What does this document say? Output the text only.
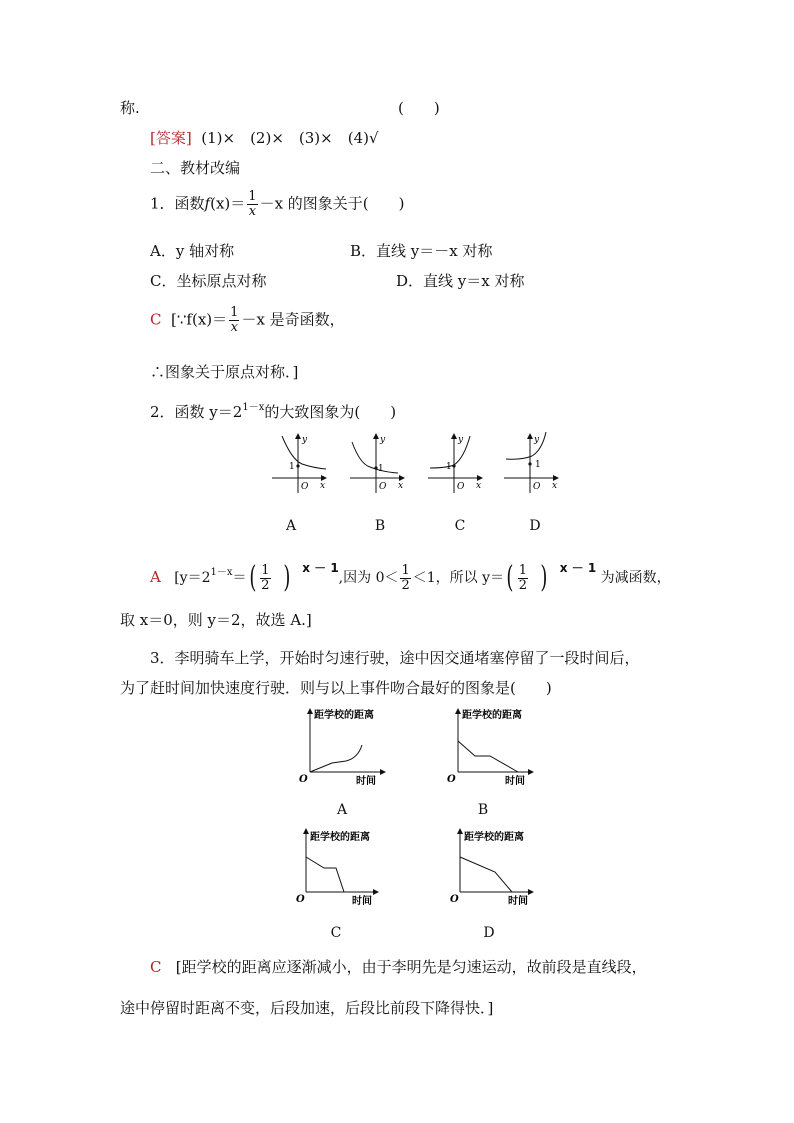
称.	(　　)
[答案] (1)×　(2)×　(3)×　(4)√
二、教材改编
1．函数$f(x)= \frac{1}{x} -x$ 的图象关于(　　)
A．y 轴对称	B．直线 y＝－x 对称
C．坐标原点对称	D．直线 y＝x 对称
C [∵f(x)＝ $\frac{1}{x} -x$ 是奇函数，
∴图象关于原点对称．]
2．函数 $y=2^{1-x}$的大致图象为(　　)
y
x
O
1
y
x
O
1
y
x
O
1
y
x
O
1
A	B	C	D
A [$y=2^{1-x}=( \frac{1}{2}$ ) x － 1,因为 $0< \frac{1}{2} <1$，所以 $y=( \frac{1}{2}$ ) x － 1 为减函数，
取 x＝0，则 y＝2，故选 A.]
3．李明骑车上学，开始时匀速行驶，途中因交通堵塞停留了一段时间后，
为了赶时间加快速度行驶．则与以上事件吻合最好的图象是(　　)
距学校的距离
时间
O
距学校的距离
时间
O
距学校的距离
时间
O
距学校的距离
时间
O
A	B
C	D
C [距学校的距离应逐渐减小，由于李明先是匀速运动，故前段是直线段，
途中停留时距离不变，后段加速，后段比前段下降得快．]
